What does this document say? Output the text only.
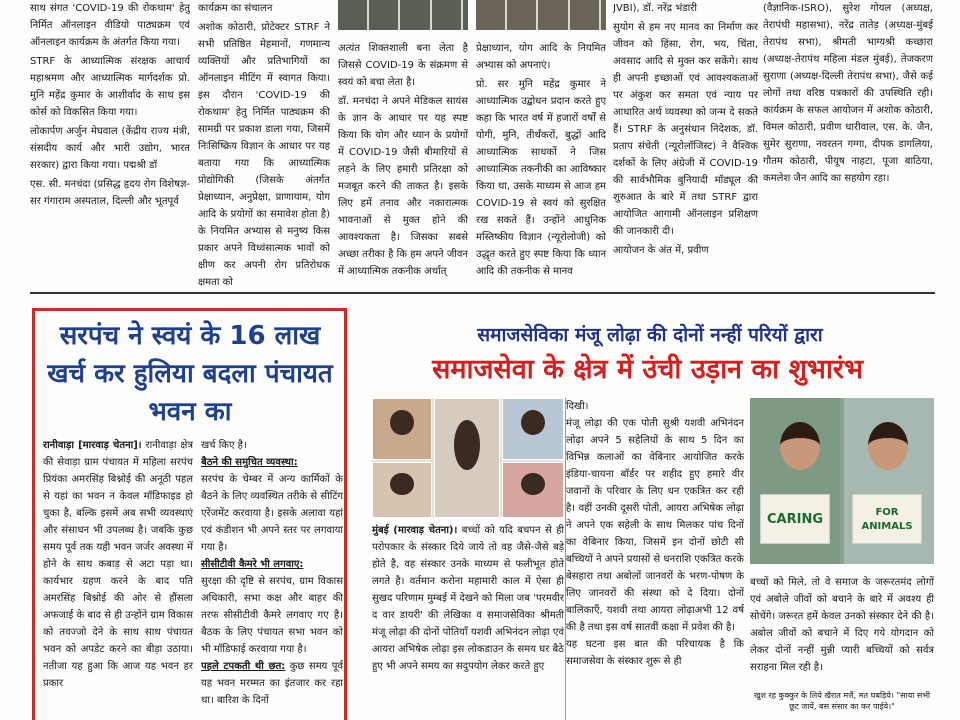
साथ संगत 'COVID-19 की रोकथाम' हेतु निर्मित ऑनलाइन वीडियो पाठ्यक्रम एवं ऑनलाइन कार्यक्रम के अंतर्गत किया गया।

STRF के आध्यात्मिक संरक्षक आचार्य महाश्रमण और आध्यात्मिक मार्गदर्शक प्रो. मुनि महेंद्र कुमार के आशीर्वाद के साथ इस कोर्स को विकसित किया गया।

लोकार्पण अर्जुन मेघवाल (केंद्रीय राज्य मंत्री, संसदीय कार्य और भारी उद्योग, भारत सरकार) द्वारा किया गया। पद्मश्री डॉ

एस. सी. मनचंदा (प्रसिद्ध हृदय रोग विशेषज्ञ-सर गंगाराम अस्पताल, दिल्ली और भूतपूर्व

कार्यक्रम का संचालन

अशोक कोठारी, प्रोटेक्टर STRF ने सभी प्रतिष्ठित मेहमानों, गणमान्य व्यक्तियों और प्रतिभागियों का ऑनलाइन मीटिंग में स्वागत किया। इस दौरान 'COVID-19 की रोकथाम' हेतु निर्मित पाठ्यक्रम की सामग्री पर प्रकाश डाला गया, जिसमें निःसिष्क्रिय विज्ञान के आधार पर यह बताया गया कि आध्यात्मिक प्रोद्योगिकी (जिसके अंतर्गत प्रेक्षाध्यान, अनुप्रेक्षा, प्राणायाम, योग आदि के प्रयोगों का समावेश होता है) के नियमित अभ्यास से मनुष्य किस प्रकार अपने विध्वंसात्मक भावों को क्षीण कर अपनी रोग प्रतिरोधक क्षमता को

अत्यंत शिक्तशाली बना लेता है जिससे COVID-19 के संक्रमण से स्वयं को बचा लेता है।

डॉ. मनचंदा ने अपने मेडिकल सायंस के ज्ञान के आधार पर यह स्पष्ट किया कि योग और ध्यान के प्रयोगों में COVID-19 जैसी बीमारियों से लड़ने के लिए हमारी प्रतिरक्षा को मजबूत करने की ताकत है। इसके लिए हमें तनाव और नकारात्मक भावनाओं से मुक्त होने की आवश्यकता है। जिसका सबसे अच्छा तरीका है कि हम अपने जीवन में आध्यात्मिक तकनीक अर्थात्

प्रेक्षाध्यान, योग आदि के नियमित अभ्यास को अपनाएं।

प्रो. सर मुनि महेंद्र कुमार ने आध्यात्मिक उद्बोधन प्रदान करते हुए कहा कि भारत वर्ष में हजारों वर्षों से योगी, मुनि, तीर्थंकरों, बुद्धों आदि आध्यात्मिक साधकों ने जिस आध्यात्मिक तकनीकी का आविष्कार किया था, उसके माध्यम से आज हम COVID-19 से स्वयं को सुरक्षित रख सकते हैं। उन्होंने आधुनिक मस्तिष्कीय विज्ञान (न्यूरोलोजी) को उद्धृत करते हुए स्पष्ट किया कि ध्यान आदि की तकनीक से मानव

JVBI), डॉ. नरेंद्र भंडारी

सुयोग से हम नए मानव का निर्माण कर जीवन को हिंसा, रोग, भय, चिंता, अवसाद आदि से मुक्त कर सकेंगे। साथ ही अपनी इच्छाओं एवं आवश्यकताओं पर अंकुश कर समता एवं न्याय पर आधारित अर्थ व्यवस्था को जन्म दे सकते हैं। STRF के अनुसंधान निदेशक, डॉ. प्रताप संचेती (न्यूरोलॉजिस्ट) ने वैश्विक दर्शकों के लिए अंग्रेजी में COVID-19 की सार्वभौमिक बुनियादी मॉड्यूल की शुरुआत के बारे में तथा STRF द्वारा आयोजित आगामी ऑनलाइन प्रशिक्षण की जानकारी दी।

आयोजन के अंत में, प्रवीण

(वैज्ञानिक-ISRO), सुरेश गोयल (अध्यक्ष, तेरापंथी महासभा), नरेंद्र तातेड़ (अध्यक्ष-मुंबई तेरापंथ सभा), श्रीमती भाग्यश्री कच्छारा (अध्यक्ष-तेरापंथ महिला मंडल मुंबई), तेजकरण सुराणा (अध्यक्ष-दिल्ली तेरापंथ सभा), जैसे कई लोगों तथा वरिष्ठ पत्रकारों की उपस्थिति रही। कार्यक्रम के सफल आयोजन में अशोक कोठारी, विमल कोठारी, प्रवीण धारीवाल, एस. के. जैन, सुमेर सुराणा, नवरतन गग्गा, दीपक डागलिया, गौतम कोठारी, पीयूष नाहटा, पूजा बाठिया, कमलेश जैन आदि का सहयोग रहा।

सरपंच ने स्वयं के 16 लाख खर्च कर हुलिया बदला पंचायत भवन का

रानीवाड़ा [मारवाड़ चेतना]। रानीवाड़ा क्षेत्र की सेवाड़ा ग्राम पंचायत में महिला सरपंच प्रियंका अमरसिंह बिश्नोई की अनूठी पहल से यहां का भवन न केवल मॉडिफाइड हो चुका है, बल्कि इसमें अब सभी व्यवस्थाएं और संसाधन भी उपलब्ध है। जबकि कुछ समय पूर्व तक यही भवन जर्जर अवस्था में होने के साथ कबाड़ से अटा पड़ा था। कार्यभार ग्रहण करने के बाद पति अमरसिंह बिश्नोई की ओर से हौंसला अफजाई के बाद से ही उन्होंने ग्राम विकास को तवज्जो देने के साथ साथ पंचायत भवन को अपडेट करने का बीड़ा उठाया। नतीजा यह हुआ कि आज यह भवन हर प्रकार

खर्च किए है।

बैठने की समुचित व्यवस्था:

सरपंच के चेम्बर में अन्य कार्मिकों के बैठने के लिए व्यवस्थित तरीके से सीटिंग एरेंजमेंट करवाया है। इसके अलावा यहां एवं कंडीशन भी अपने स्तर पर लगवाया गया है।

सीसीटीवी कैमरे भी लगवाए:

सुरक्षा की दृष्टि से सरपंच, ग्राम विकास अधिकारी, सभा कक्ष और बाहर की तरफ सीसीटीवी कैमरे लगवाए गए है। बैठक के लिए पंचायत सभा भवन को भी मॉडिफाई करवाया गया है।

पहले टपकती थी छत: कुछ समय पूर्व यह भवन मरम्मत का इंतजार कर रहा था। बारिश के दिनों

समाजसेविका मंजू लोढ़ा की दोनों नन्हीं परियों द्वारा
समाजसेवा के क्षेत्र में उंची उड़ान का शुभारंभ

मुंबई (मारवाड़ चेतना)। बच्चों को यदि बचपन से ही परोपकार के संस्कार दिये जाये तो वह जैसे-जैसे बड़े होते है, वह संस्कार उनके माध्यम से फलीभूत होते लगते है। वर्तमान करोना महामारी काल में ऐसा ही सुखद परिणाम मुम्बई में देखने को मिला जब 'परमवीर द वार डायरी' की लेखिका व समाजसेविका श्रीमती मंजू लोढ़ा की दोनों पोतियाँ यशवी अभिनंदन लोढ़ा एवं आयरा अभिषेक लोढ़ा इस लोकडाउन के समय घर बैठे हुए भी अपने समय का सदुपयोग लेकर करते हुए

दिखी।

मंजू लोढ़ा की एक पोती सुश्री यशवी अभिनंदन लोढ़ा अपने 5 सहेलियों के साथ 5 दिन का विभिन्न कलाओं का वेबिनार आयोजित करके इंडिया-चायना बॉर्डर पर शहीद हुए हमारे वीर जवानों के परिवार के लिए धन एकत्रित कर रही है। वहीं उनकी दूसरी पोती, आयरा अभिषेक लोढ़ा ने अपने एक सहेली के साथ मिलकर पांच दिनों का वेबिनार किया, जिसमें इन दोनों छोटी सी बच्चियों ने अपने प्रयासों से धनराशि एकत्रित करके बेसहारा तथा अबोलों जानवरों के भरण-पोषण के लिए जानवरों की संस्था को दे दिया। दोनों बालिकाएँ, यशवी तथा आयरा लोढ़ाअभी 12 वर्ष की है तथा इस वर्ष सातवीं कक्षा में प्रवेश की है।

यह घटना इस बात की परिचायक है कि समाजसेवा के संस्कार शुरू से ही

CARING	FOR ANIMALS

बच्चों को मिले, तो वे समाज के जरूरतमंद लोगों एवं अबोले जीवों को बचाने के बारे में अवश्य ही सोचेंगे। जरूरत हमें केवल उनको संस्कार देने की है। अबोल जीवों को बचाने में दिए गये योगदान को लेकर दोनों नन्हीं मुन्नी प्यारी बच्चियों को सर्वत्र सराहना मिल रही है।

खुश रह कुक्कुर के लिये खैरात मत्तैं, मत घबड़िये। "साया सभी छूट जायें, बस संसार का कर पाईये।"
